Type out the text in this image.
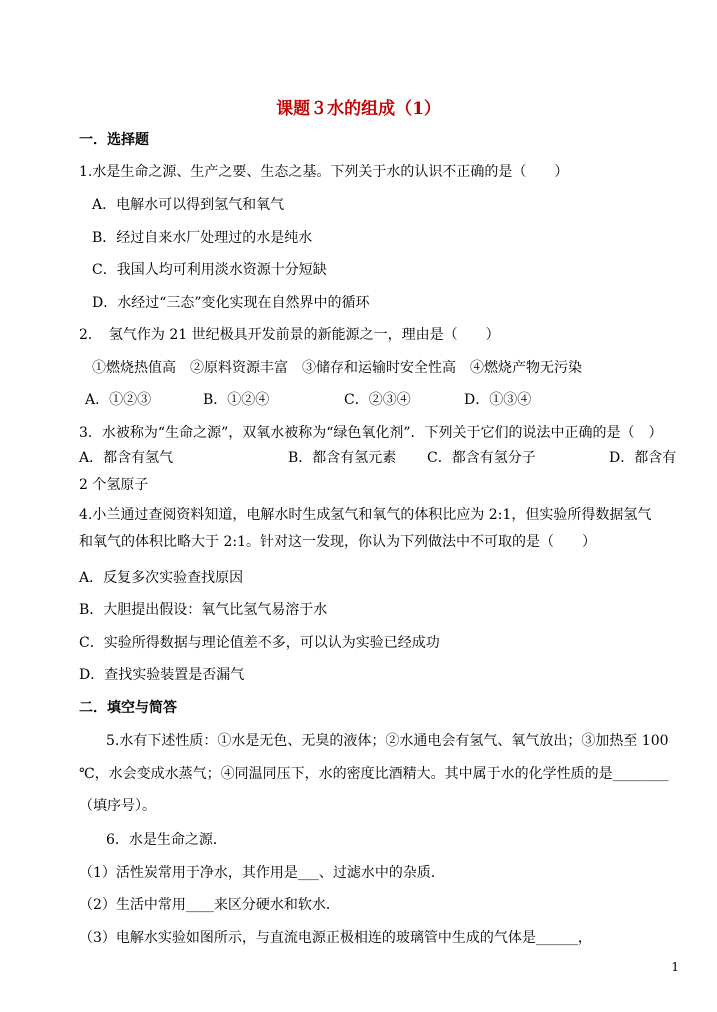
课题３水的组成（1）
一．选择题
1.水是生命之源、生产之要、生态之基。下列关于水的认识不正确的是（　　）
A．电解水可以得到氢气和氧气
B．经过自来水厂处理过的水是纯水
C．我国人均可利用淡水资源十分短缺
D．水经过“三态”变化实现在自然界中的循环
2．　氢气作为 21 世纪极具开发前景的新能源之一，理由是（　　）
①燃烧热值高　②原料资源丰富　③储存和运输时安全性高　④燃烧产物无污染
A．①②③	B．①②④	C．②③④	D．①③④
3．水被称为“生命之源”，双氧水被称为“绿色氧化剂”．下列关于它们的说法中正确的是（　）
A．都含有氢气	B．都含有氢元素 C．都含有氢分子	D．都含有
2 个氢原子
4.小兰通过查阅资料知道，电解水时生成氢气和氧气的体积比应为 2:1，但实验所得数据氢气
和氧气的体积比略大于 2:1。针对这一发现，你认为下列做法中不可取的是（　　）
A．反复多次实验查找原因
B．大胆提出假设：氧气比氢气易溶于水
C．实验所得数据与理论值差不多，可以认为实验已经成功
D．查找实验装置是否漏气
二．填空与简答
5.水有下述性质：①水是无色、无臭的液体；②水通电会有氢气、氧气放出；③加热至 100
℃，水会变成水蒸气；④同温同压下，水的密度比酒精大。其中属于水的化学性质的是________
（填序号）。
6．水是生命之源．
（1）活性炭常用于净水，其作用是___、过滤水中的杂质．
（2）生活中常用____来区分硬水和软水．
（3）电解水实验如图所示，与直流电源正极相连的玻璃管中生成的气体是______，
1
